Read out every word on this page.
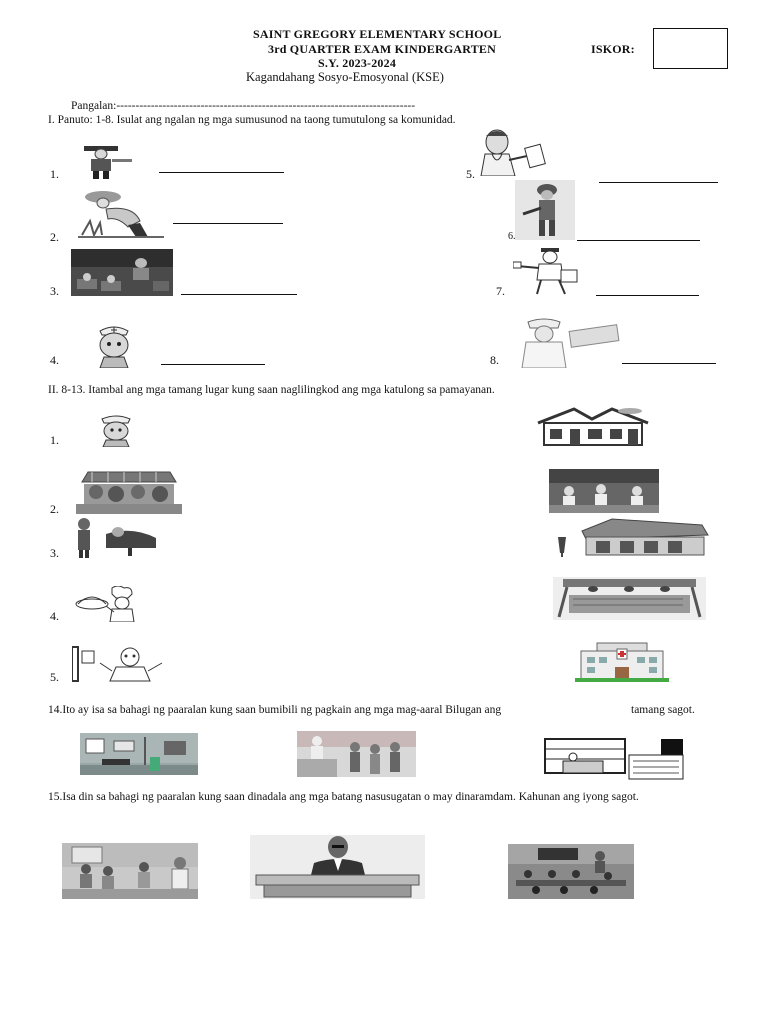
SAINT GREGORY ELEMENTARY SCHOOL
3rd QUARTER EXAM KINDERGARTEN
S.Y. 2023-2024
Kagandahang Sosyo-Emosyonal (KSE)
ISKOR:
Pangalan:------------------------------------------------------------------------------
I. Panuto: 1-8. Isulat ang ngalan ng mga sumusunod na taong tumutulong sa komunidad.
1.
2.
3.
4.
5.
6.
7.
8.
II. 8-13. Itambal ang mga tamang lugar kung saan naglilingkod ang mga katulong sa pamayanan.
1.
2.
3.
4.
5.
14.Ito ay isa sa bahagi ng paaralan kung saan bumibili ng pagkain ang mga mag-aaral Bilugan ang	tamang sagot.
15.Isa din sa bahagi ng paaralan kung saan dinadala ang mga batang nasusugatan o may dinaramdam. Kahunan ang iyong sagot.
